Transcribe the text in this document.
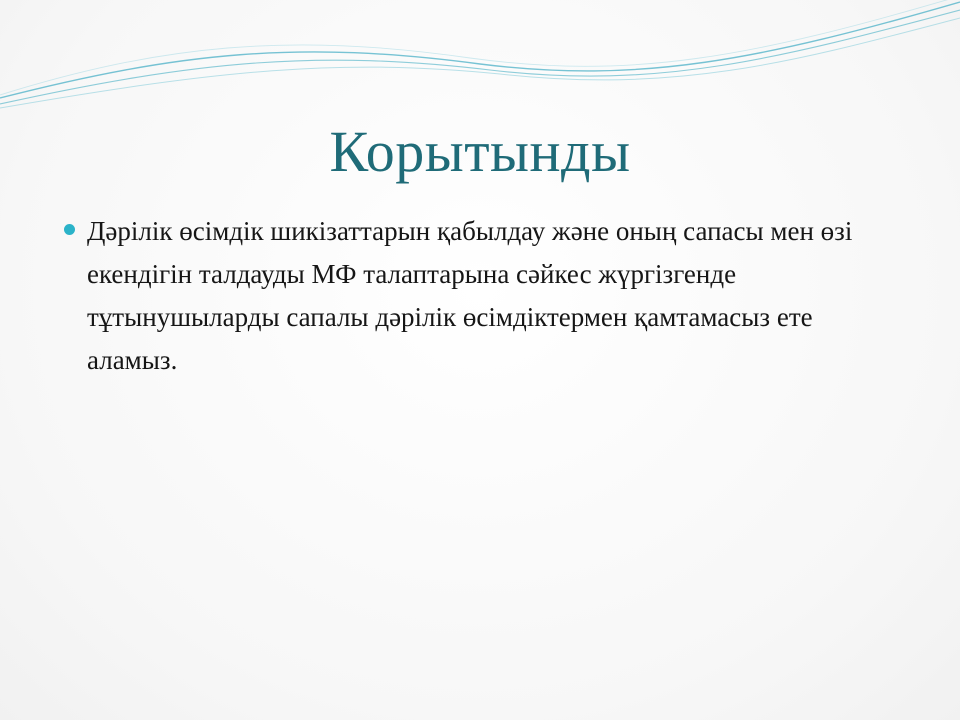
Корытынды
Дәрілік өсімдік шикізаттарын қабылдау және оның сапасы мен өзі екендігін талдауды МФ талаптарына сәйкес жүргізгенде тұтынушыларды сапалы дәрілік өсімдіктермен қамтамасыз ете аламыз.
